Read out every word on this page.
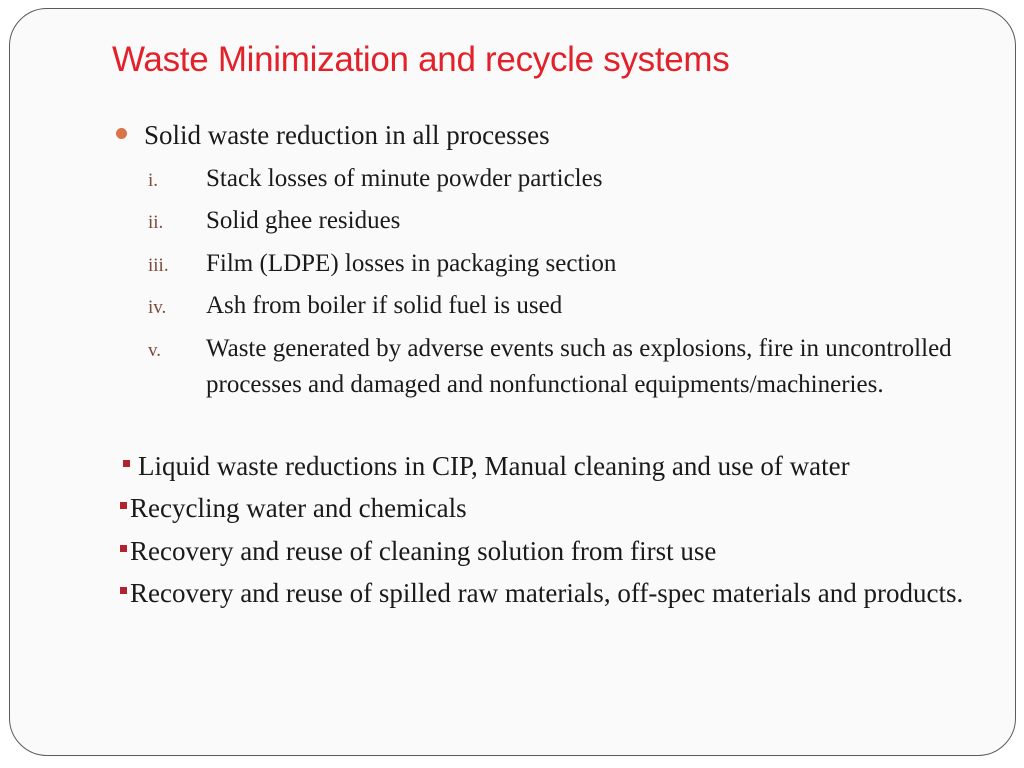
Waste Minimization and recycle systems
Solid waste reduction in all processes
i.	Stack losses of minute powder particles
ii.	Solid ghee residues
iii.	Film (LDPE) losses in packaging section
iv.	Ash from boiler if solid fuel is used
v.	Waste generated by adverse events such as explosions, fire in uncontrolled processes and damaged and nonfunctional equipments/machineries.
Liquid waste reductions in CIP, Manual cleaning and use of water
Recycling water and chemicals
Recovery and reuse of cleaning solution from first use
Recovery and reuse of spilled raw materials, off-spec materials and products.
